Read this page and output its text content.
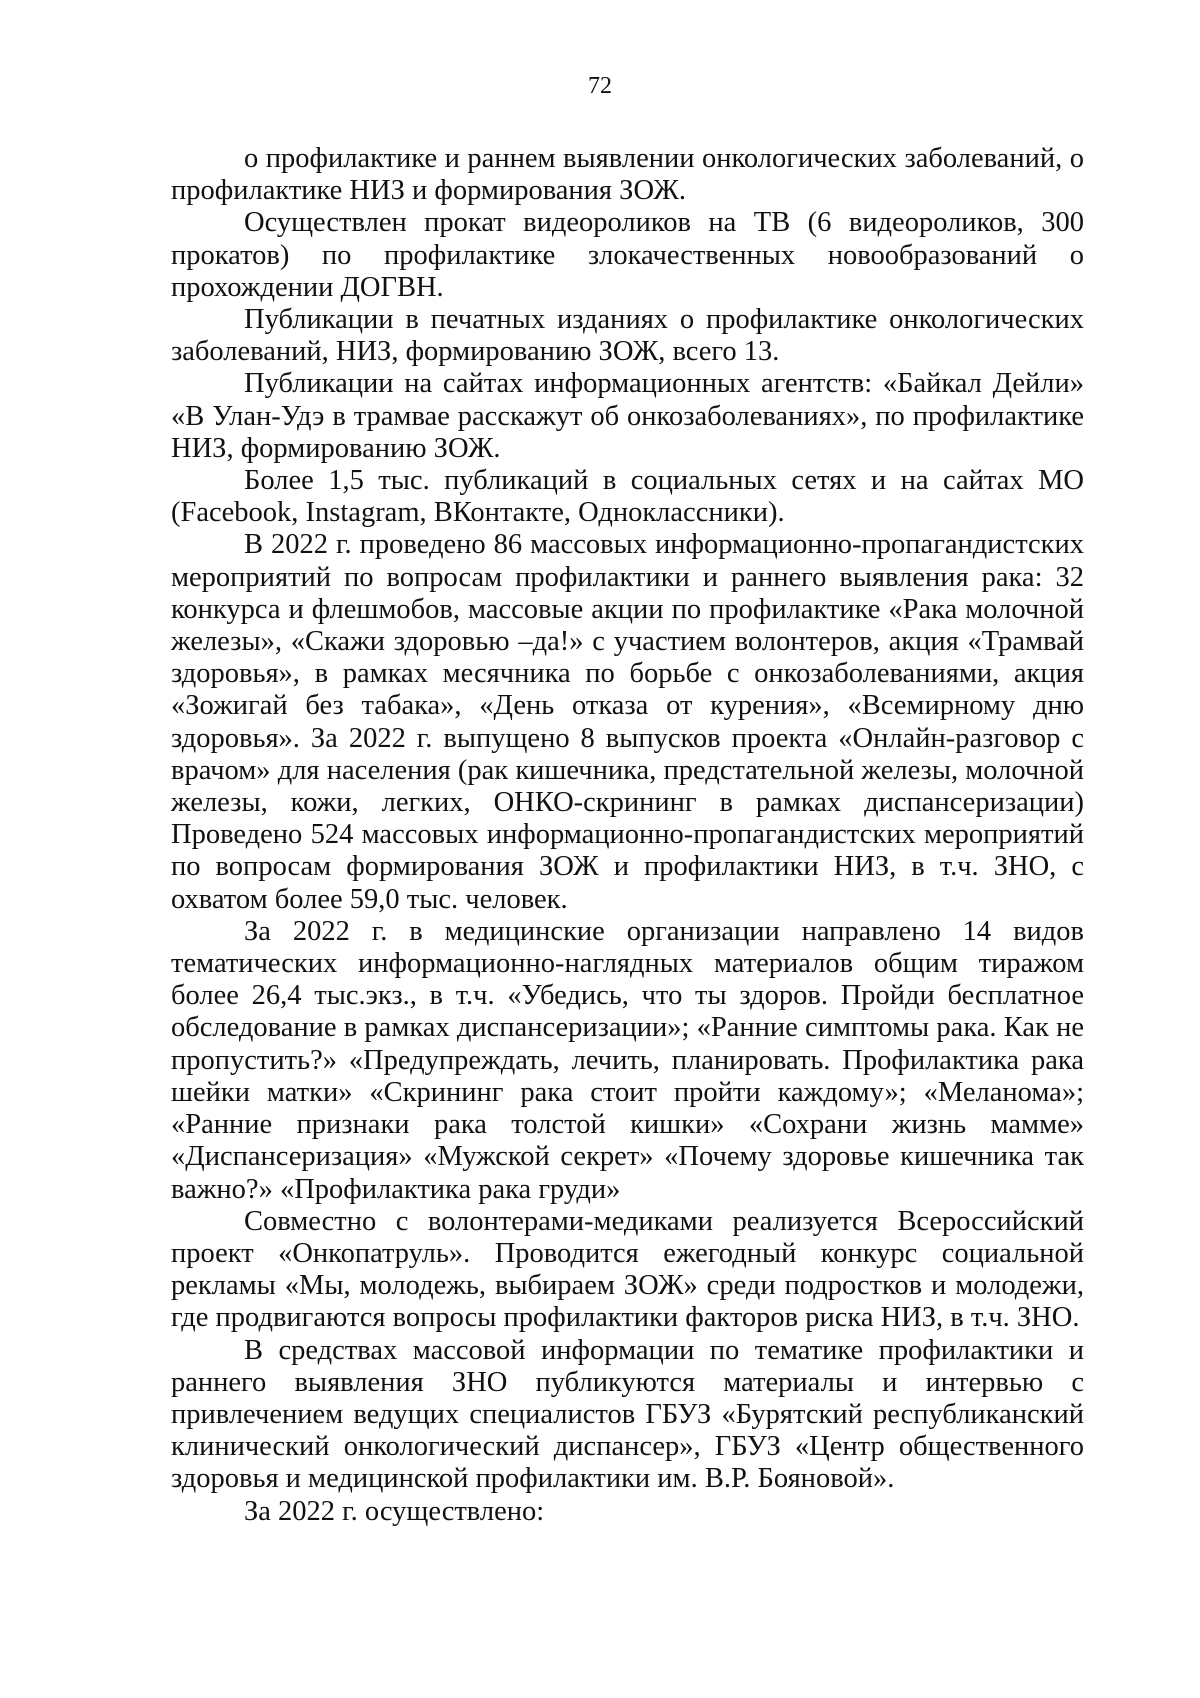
72

о профилактике и раннем выявлении онкологических заболеваний, о профилактике НИЗ и формирования ЗОЖ.

Осуществлен прокат видеороликов на ТВ (6 видеороликов, 300 прокатов) по профилактике злокачественных новообразований о прохождении ДОГВН.

Публикации в печатных изданиях о профилактике онкологических заболеваний, НИЗ, формированию ЗОЖ, всего 13.

Публикации на сайтах информационных агентств: «Байкал Дейли» «В Улан-Удэ в трамвае расскажут об онкозаболеваниях», по профилактике НИЗ, формированию ЗОЖ.

Более 1,5 тыс. публикаций в социальных сетях и на сайтах МО (Facebook, Instagram, ВКонтакте, Одноклассники).

В 2022 г. проведено 86 массовых информационно-пропагандистских мероприятий по вопросам профилактики и раннего выявления рака: 32 конкурса и флешмобов, массовые акции по профилактике «Рака молочной железы», «Скажи здоровью –да!» с участием волонтеров, акция «Трамвай здоровья», в рамках месячника по борьбе с онкозаболеваниями, акция «Зожигай без табака», «День отказа от курения», «Всемирному дню здоровья». За 2022 г. выпущено 8 выпусков проекта «Онлайн-разговор с врачом» для населения (рак кишечника, предстательной железы, молочной железы, кожи, легких, ОНКО-скрининг в рамках диспансеризации) Проведено 524 массовых информационно-пропагандистских мероприятий по вопросам формирования ЗОЖ и профилактики НИЗ, в т.ч. ЗНО, с охватом более 59,0 тыс. человек.

За 2022 г. в медицинские организации направлено 14 видов тематических информационно-наглядных материалов общим тиражом более 26,4 тыс.экз., в т.ч. «Убедись, что ты здоров. Пройди бесплатное обследование в рамках диспансеризации»; «Ранние симптомы рака. Как не пропустить?» «Предупреждать, лечить, планировать. Профилактика рака шейки матки» «Скрининг рака стоит пройти каждому»; «Меланома»; «Ранние признаки рака толстой кишки» «Сохрани жизнь мамме» «Диспансеризация» «Мужской секрет» «Почему здоровье кишечника так важно?» «Профилактика рака груди»

Совместно с волонтерами-медиками реализуется Всероссийский проект «Онкопатруль». Проводится ежегодный конкурс социальной рекламы «Мы, молодежь, выбираем ЗОЖ» среди подростков и молодежи, где продвигаются вопросы профилактики факторов риска НИЗ, в т.ч. ЗНО.

В средствах массовой информации по тематике профилактики и раннего выявления ЗНО публикуются материалы и интервью с привлечением ведущих специалистов ГБУЗ «Бурятский республиканский клинический онкологический диспансер», ГБУЗ «Центр общественного здоровья и медицинской профилактики им. В.Р. Бояновой».

За 2022 г. осуществлено:
